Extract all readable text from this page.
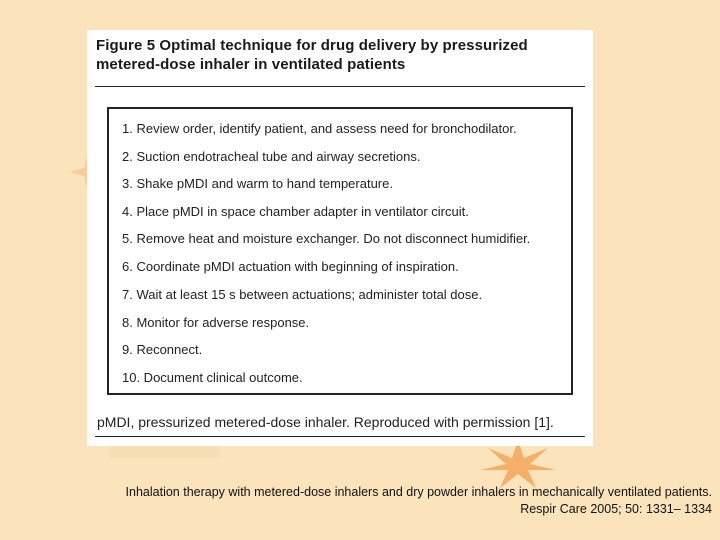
Figure 5 Optimal technique for drug delivery by pressurized
metered-dose inhaler in ventilated patients
1. Review order, identify patient, and assess need for bronchodilator.
2. Suction endotracheal tube and airway secretions.
3. Shake pMDI and warm to hand temperature.
4. Place pMDI in space chamber adapter in ventilator circuit.
5. Remove heat and moisture exchanger. Do not disconnect humidifier.
6. Coordinate pMDI actuation with beginning of inspiration.
7. Wait at least 15 s between actuations; administer total dose.
8. Monitor for adverse response.
9. Reconnect.
10. Document clinical outcome.
pMDI, pressurized metered-dose inhaler. Reproduced with permission [1].
Inhalation therapy with metered-dose inhalers and dry powder inhalers in mechanically ventilated patients.
Respir Care 2005; 50: 1331– 1334
